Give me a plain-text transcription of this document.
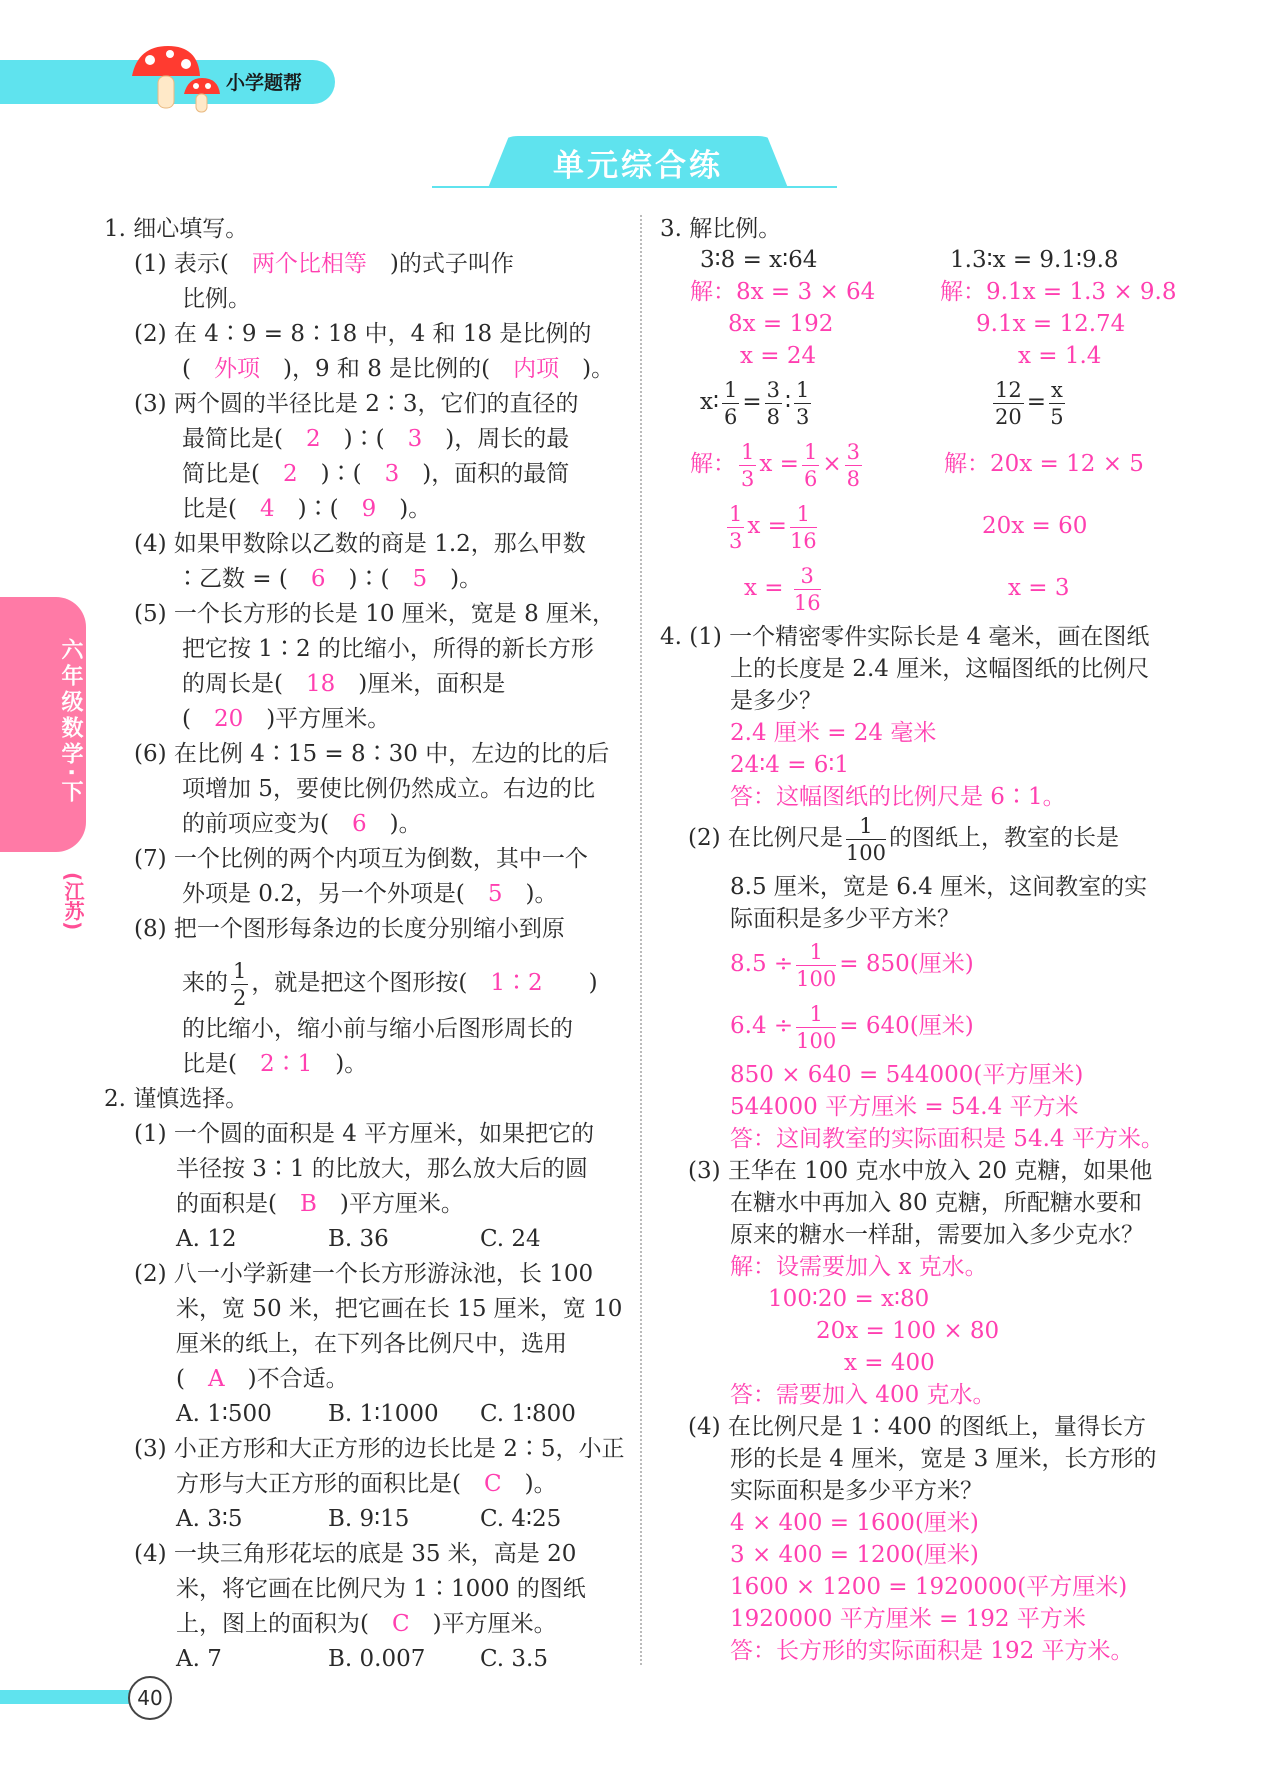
小学题帮
单元综合练
六年级数学·下
(江苏)
1. 细心填写。
(1) 表示(  两个比相等  )的式子叫作
比例。
(2) 在 4∶9 = 8∶18 中，4 和 18 是比例的
(  外项  )，9 和 8 是比例的(  内项  )。
(3) 两个圆的半径比是 2∶3，它们的直径的
最简比是(  2  )∶(  3  )，周长的最
简比是(  2  )∶(  3  )，面积的最简
比是(  4  )∶(  9  )。
(4) 如果甲数除以乙数的商是 1.2，那么甲数
∶乙数 = (  6  )∶(  5  )。
(5) 一个长方形的长是 10 厘米，宽是 8 厘米，
把它按 1∶2 的比缩小，所得的新长方形
的周长是(  18  )厘米，面积是
(  20  )平方厘米。
(6) 在比例 4∶15 = 8∶30 中，左边的比的后
项增加 5，要使比例仍然成立。右边的比
的前项应变为(  6  )。
(7) 一个比例的两个内项互为倒数，其中一个
外项是 0.2，另一个外项是(  5  )。
(8) 把一个图形每条边的长度分别缩小到原
来的 $\frac{1}{2}$ ，就是把这个图形按(  1∶2   )
的比缩小，缩小前与缩小后图形周长的
比是(  2∶1  )。
2. 谨慎选择。
(1) 一个圆的面积是 4 平方厘米，如果把它的
半径按 3∶1 的比放大，那么放大后的圆
的面积是(  B  )平方厘米。
A. 12	B. 36	C. 24
(2) 八一小学新建一个长方形游泳池，长 100
米，宽 50 米，把它画在长 15 厘米，宽 10
厘米的纸上，在下列各比例尺中，选用
(  A  )不合适。
A. 1∶500 B. 1∶1000 C. 1∶800
(3) 小正方形和大正方形的边长比是 2∶5，小正
方形与大正方形的面积比是(  C  )。
A. 3∶5	B. 9∶15	C. 4∶25
(4) 一块三角形花坛的底是 35 米，高是 20
米，将它画在比例尺为 1∶1000 的图纸
上，图上的面积为(  C  )平方厘米。
A. 7	B. 0.007 C. 3.5
3. 解比例。
3∶8 = x∶64
解：8x = 3 × 64
8x = 192
x = 24
1.3∶x = 9.1∶9.8
解：9.1x = 1.3 × 9.8
9.1x = 12.74
x = 1.4
x∶ $\frac{1}{6} = \frac{3}{8}$ ∶ $\frac{1}{3}$
解： $\frac{1}{3}$ $x = \frac{1}{6} \times \frac{3}{8}$
$\frac{1}{3}$ $x = \frac{1}{16}$
$x = \frac{3}{16}$
$\frac{12}{20} = \frac{x}{5}$
解：20x = 12 × 5
20x = 60
x = 3
4. (1) 一个精密零件实际长是 4 毫米，画在图纸
上的长度是 2.4 厘米，这幅图纸的比例尺
是多少？
2.4 厘米 = 24 毫米
24∶4 = 6∶1
答：这幅图纸的比例尺是 6∶1。
(2) 在比例尺是 $\frac{1}{100}$ 的图纸上，教室的长是
8.5 厘米，宽是 6.4 厘米，这间教室的实
际面积是多少平方米？
$8.5 \div \frac{1}{100} = 850$(厘米)
$6.4 \div \frac{1}{100} = 640$(厘米)
850 × 640 = 544000(平方厘米)
544000 平方厘米 = 54.4 平方米
答：这间教室的实际面积是 54.4 平方米。
(3) 王华在 100 克水中放入 20 克糖，如果他
在糖水中再加入 80 克糖，所配糖水要和
原来的糖水一样甜，需要加入多少克水？
解：设需要加入 x 克水。
100∶20 = x∶80
20x = 100 × 80
x = 400
答：需要加入 400 克水。
(4) 在比例尺是 1∶400 的图纸上，量得长方
形的长是 4 厘米，宽是 3 厘米，长方形的
实际面积是多少平方米？
4 × 400 = 1600(厘米)
3 × 400 = 1200(厘米)
1600 × 1200 = 1920000(平方厘米)
1920000 平方厘米 = 192 平方米
答：长方形的实际面积是 192 平方米。
40
